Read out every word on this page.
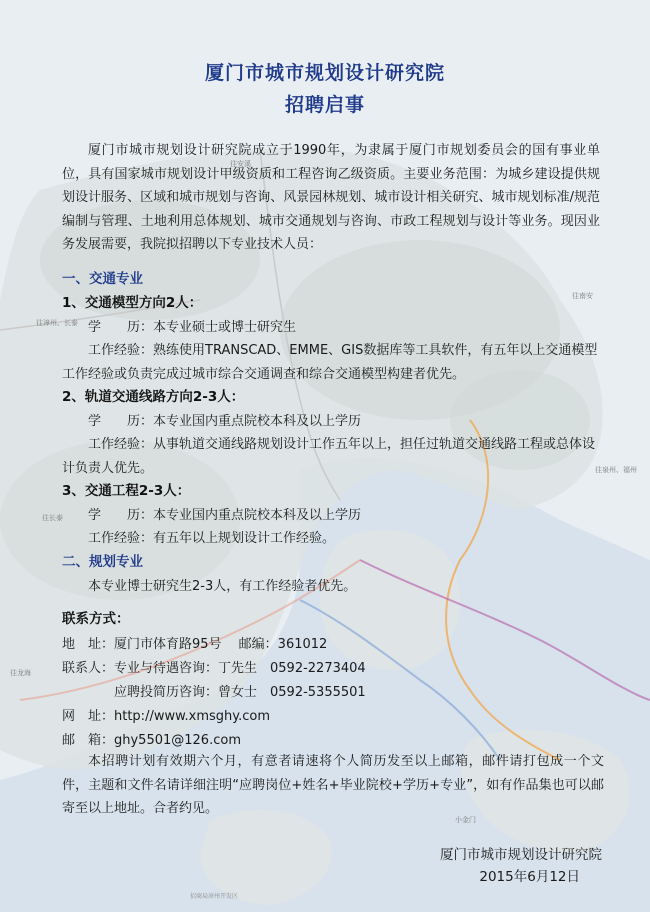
往安溪
往南安
往漳州、长泰
往泉州、福州
往长泰
往龙海
小金门
招商局漳州开发区
厦门市城市规划设计研究院
招聘启事
厦门市城市规划设计研究院成立于1990年，为隶属于厦门市规划委员会的国有事业单位，具有国家城市规划设计甲级资质和工程咨询乙级资质。主要业务范围：为城乡建设提供规划设计服务、区域和城市规划与咨询、风景园林规划、城市设计相关研究、城市规划标准/规范编制与管理、土地利用总体规划、城市交通规划与咨询、市政工程规划与设计等业务。现因业务发展需要，我院拟招聘以下专业技术人员：
一、交通专业
1、交通模型方向2人：
学　　历：本专业硕士或博士研究生
工作经验：熟练使用TRANSCAD、EMME、GIS数据库等工具软件，有五年以上交通模型工作经验或负责完成过城市综合交通调查和综合交通模型构建者优先。
2、轨道交通线路方向2-3人：
学　　历：本专业国内重点院校本科及以上学历
工作经验：从事轨道交通线路规划设计工作五年以上，担任过轨道交通线路工程或总体设计负责人优先。
3、交通工程2-3人：
学　　历：本专业国内重点院校本科及以上学历
工作经验：有五年以上规划设计工作经验。
二、规划专业
本专业博士研究生2-3人，有工作经验者优先。
联系方式：
地　址：厦门市体育路95号　 邮编：361012
联系人：专业与待遇咨询：丁先生　0592-2273404
应聘投简历咨询：曾女士　0592-5355501
网　址：http://www.xmsghy.com
邮　箱：ghy5501@126.com
本招聘计划有效期六个月，有意者请速将个人简历发至以上邮箱，邮件请打包成一个文件，主题和文件名请详细注明“应聘岗位+姓名+毕业院校+学历+专业”，如有作品集也可以邮寄至以上地址。合者约见。
厦门市城市规划设计研究院
2015年6月12日
